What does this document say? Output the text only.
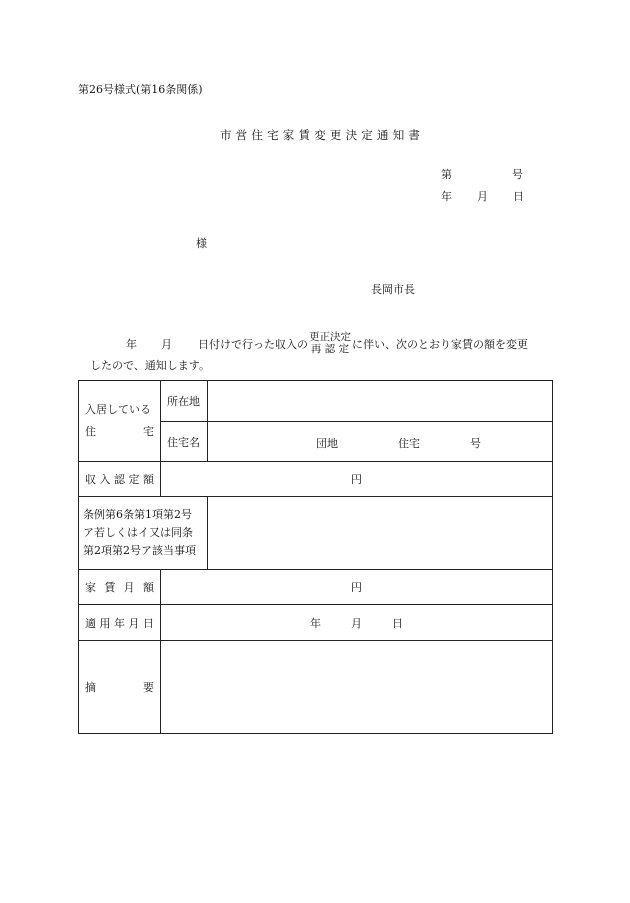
第26号様式(第16条関係)
市営住宅家賃変更決定通知書
第	号
年 月 日
様
長岡市長
年 月 日付けで行った収入の更正決定
再 認 定 に伴い、次のとおり家賃の額を変更
したので、通知します。
入居している
住 宅	所在地	
	住宅名	団地 住宅 号

収入認定額	円	

条例第6条第1項第2号
ア若しくはイ又は同条
第2項第2号ア該当事項		

家賃月額	円	
適用年月日	年 月 日	

摘 要		
